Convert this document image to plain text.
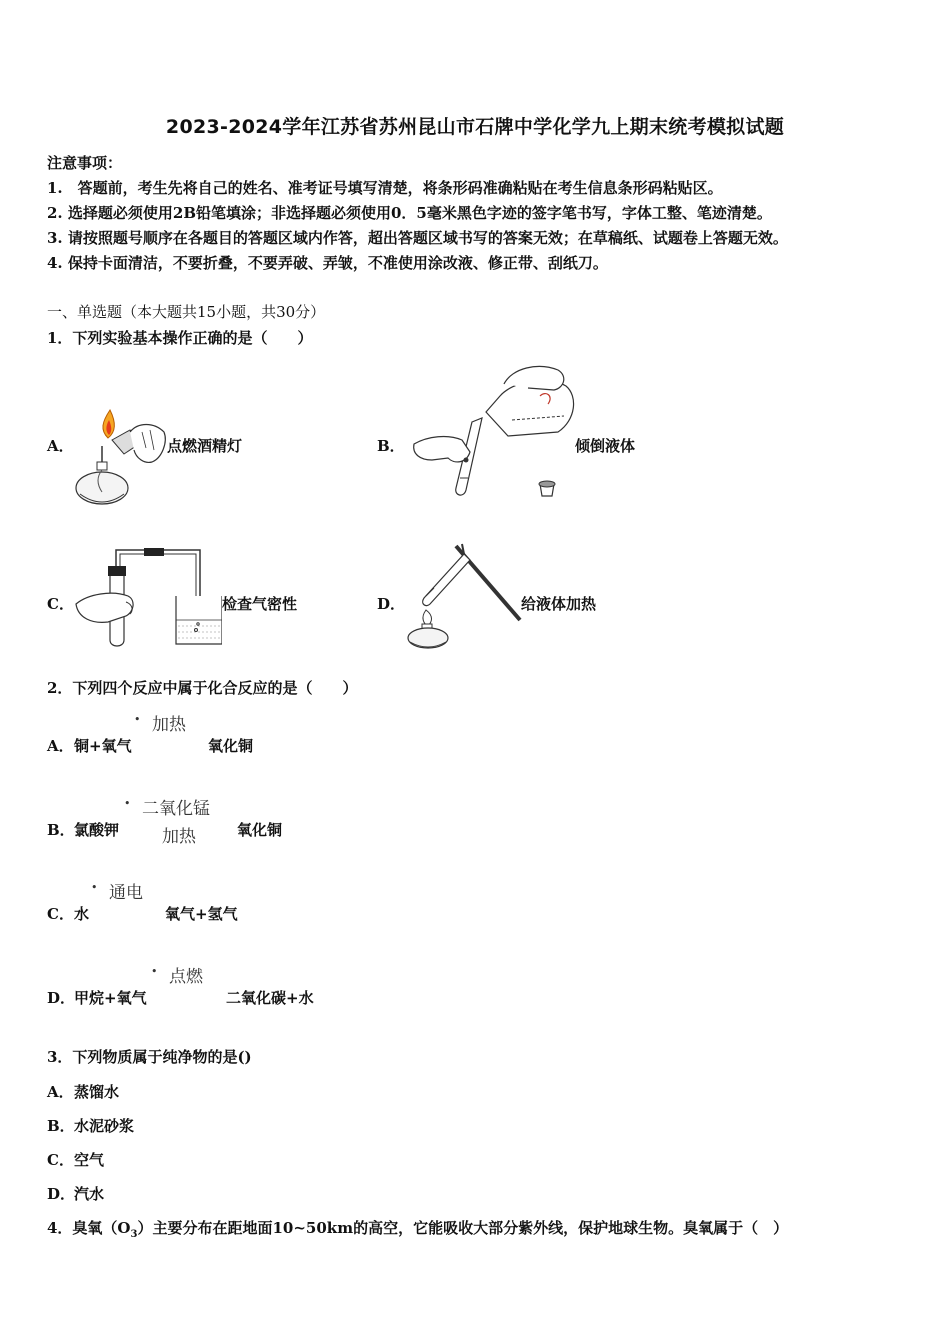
2023-2024学年江苏省苏州昆山市石牌中学化学九上期末统考模拟试题
注意事项：
1.　答题前，考生先将自己的姓名、准考证号填写清楚，将条形码准确粘贴在考生信息条形码粘贴区。
2. 选择题必须使用2B铅笔填涂；非选择题必须使用0．5毫米黑色字迹的签字笔书写，字体工整、笔迹清楚。
3. 请按照题号顺序在各题目的答题区域内作答，超出答题区域书写的答案无效；在草稿纸、试题卷上答题无效。
4. 保持卡面清洁，不要折叠，不要弄破、弄皱，不准使用涂改液、修正带、刮纸刀。
一、单选题（本大题共15小题，共30分）
1．下列实验基本操作正确的是（　　）
A．	点燃酒精灯	B．	倾倒液体
C．	检查气密性	D．	给液体加热
2．下列四个反应中属于化合反应的是（　　）
• 加热
A． 铜+氧气	氧化铜
• 二氧化锰
B． 氯酸钾	加热	氧化铜
• 通电
C． 水	氧气+氢气
• 点燃
D．
甲烷+氧气	二氧化碳+水
3．下列物质属于纯净物的是()
A． 蒸馏水
B． 水泥砂浆
C． 空气
D．
汽水
4．臭氧$(O_3)$主要分布在距地面10~50km的高空，它能吸收大部分紫外线，保护地球生物。臭氧属于（　）
